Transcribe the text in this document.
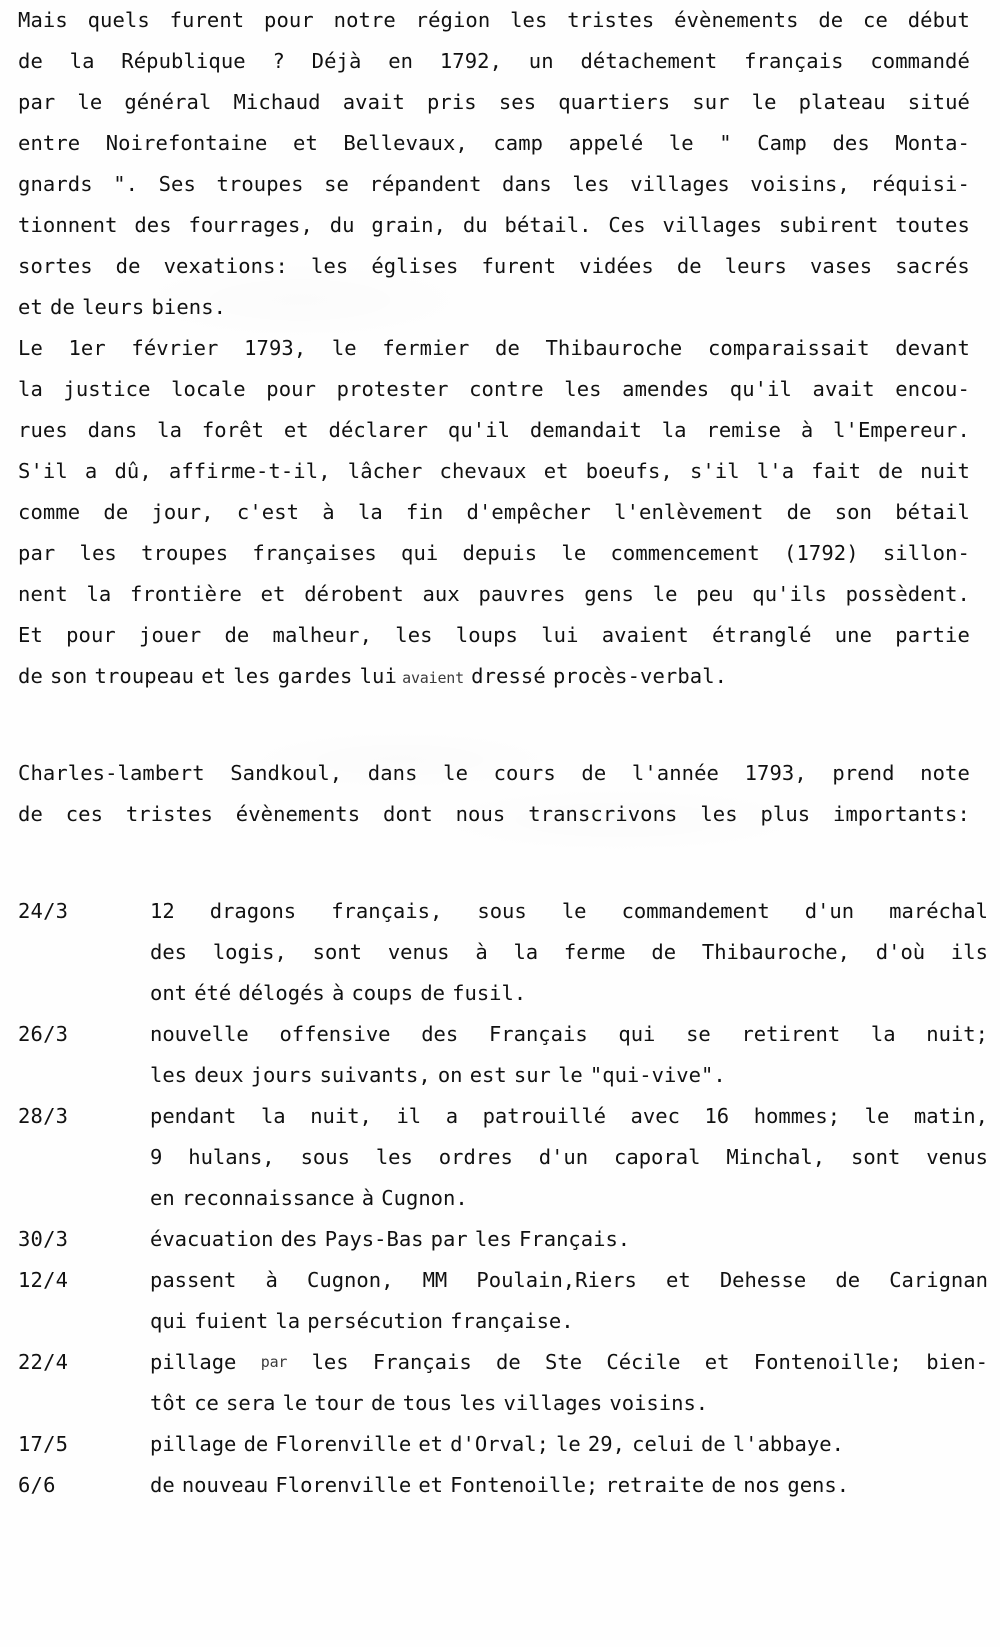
Mais quels furent pour notre région les tristes évènements de ce début
de la République ? Déjà en 1792, un détachement français commandé
par le général Michaud avait pris ses quartiers sur le plateau situé
entre Noirefontaine et Bellevaux, camp appelé le " Camp des Monta-
gnards ". Ses troupes se répandent dans les villages voisins, réquisi-
tionnent des fourrages, du grain, du bétail. Ces villages subirent toutes
sortes de vexations: les églises furent vidées de leurs vases sacrés
et de leurs biens.
Le 1er février 1793, le fermier de Thibauroche comparaissait devant
la justice locale pour protester contre les amendes qu'il avait encou-
rues dans la forêt et déclarer qu'il demandait la remise à l'Empereur.
S'il a dû, affirme-t-il, lâcher chevaux et boeufs, s'il l'a fait de nuit
comme de jour, c'est à la fin d'empêcher l'enlèvement de son bétail
par les troupes françaises qui depuis le commencement (1792) sillon-
nent la frontière et dérobent aux pauvres gens le peu qu'ils possèdent.
Et pour jouer de malheur, les loups lui avaient étranglé une partie
de son troupeau et les gardes lui avaient dressé procès-verbal.
Charles-lambert Sandkoul, dans le cours de l'année 1793, prend note
de ces tristes évènements dont nous transcrivons les plus importants:
24/3	12 dragons français, sous le commandement d'un maréchal
des logis, sont venus à la ferme de Thibauroche, d'où ils
ont été délogés à coups de fusil.
26/3	nouvelle offensive des Français qui se retirent la nuit;
les deux jours suivants, on est sur le "qui-vive".
28/3	pendant la nuit, il a patrouillé avec 16 hommes; le matin,
9 hulans, sous les ordres d'un caporal Minchal, sont venus
en reconnaissance à Cugnon.
30/3	évacuation des Pays-Bas par les Français.
12/4	passent à Cugnon, MM Poulain,Riers et Dehesse de Carignan
qui fuient la persécution française.
22/4	pillage par les Français de Ste Cécile et Fontenoille; bien-
tôt ce sera le tour de tous les villages voisins.
17/5	pillage de Florenville et d'Orval; le 29, celui de l'abbaye.
6/6	de nouveau Florenville et Fontenoille; retraite de nos gens.
